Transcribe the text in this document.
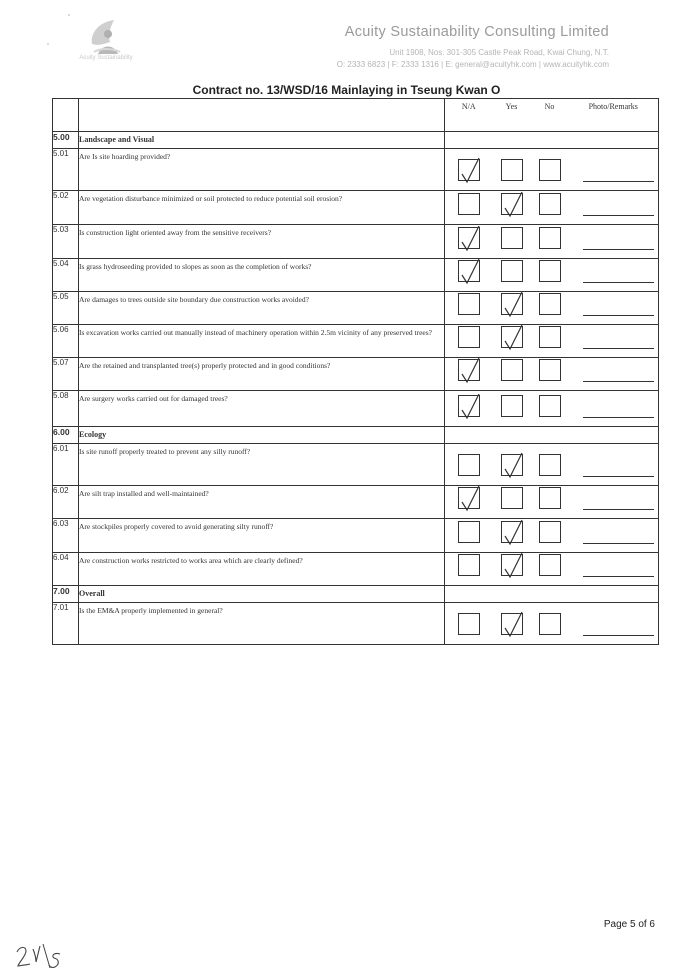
Acuity Sustainability
Acuity Sustainability Consulting Limited
Unit 1908, Nos. 301-305 Castle Peak Road, Kwai Chung, N.T.
O: 2333 6823 | F: 2333 1316 | E: general@acuityhk.com | www.acuityhk.com
Contract no. 13/WSD/16 Mainlaying in Tseung Kwan O
		N/A	Yes	No	Photo/Remarks
5.00	Landscape and Visual				
5.01	Are Is site hoarding provided?	

5.02	Are vegetation disturbance minimized or soil protected to reduce potential soil erosion?		

5.03	Is construction light oriented away from the sensitive receivers?	

5.04	Is grass hydroseeding provided to slopes as soon as the completion of works?	

5.05	Are damages to trees outside site boundary due construction works avoided?		

5.06	Is excavation works carried out manually instead of machinery operation within 2.5m vicinity of any preserved trees?		

5.07	Are the retained and transplanted tree(s) properly protected and in good conditions?	

5.08	Are surgery works carried out for damaged trees?	

6.00	Ecology				
6.01	Is site runoff properly treated to prevent any silly runoff?		

6.02	Are silt trap installed and well-maintained?	

6.03	Are stockpiles properly covered to avoid generating silty runoff?		

6.04	Are construction works restricted to works area which are clearly defined?		

7.00	Overall				
7.01	Is the EM&A properly implemented in general?		

Page 5 of 6
